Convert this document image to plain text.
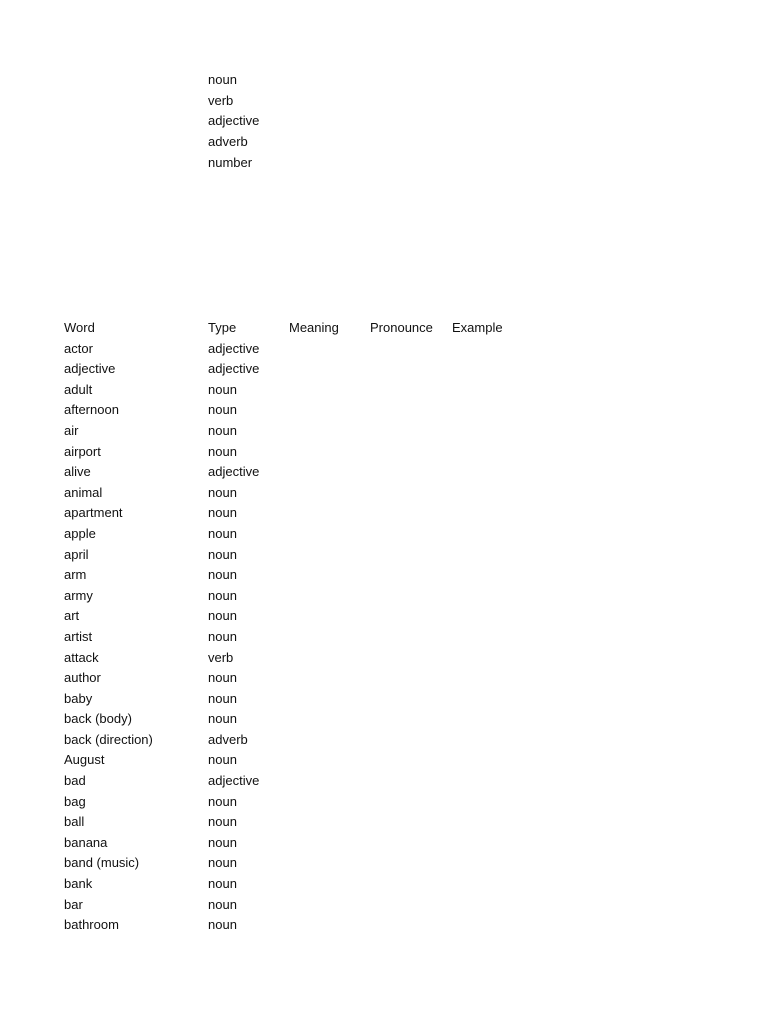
noun
verb
adjective
adverb
number
Word	Type	Meaning	Pronounce	Example
actor	adjective			
adjective	adjective			
adult	noun			
afternoon	noun			
air	noun			
airport	noun			
alive	adjective			
animal	noun			
apartment	noun			
apple	noun			
april	noun			
arm	noun			
army	noun			
art	noun			
artist	noun			
attack	verb			
author	noun			
baby	noun			
back (body)	noun			
back (direction)	adverb			
August	noun			
bad	adjective			
bag	noun			
ball	noun			
banana	noun			
band (music)	noun			
bank	noun			
bar	noun			
bathroom	noun			
